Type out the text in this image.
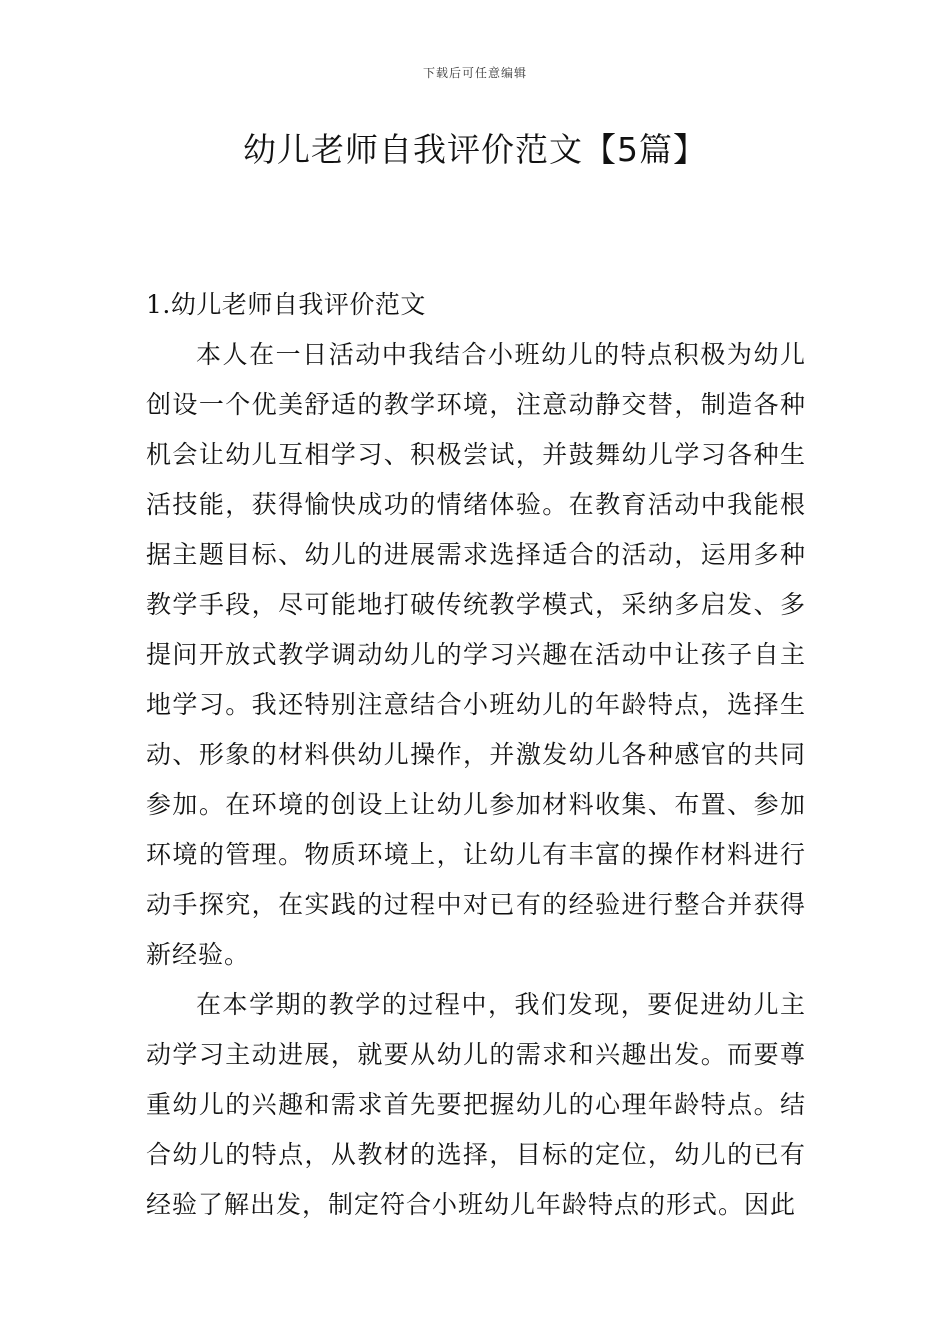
下载后可任意编辑
幼儿老师自我评价范文【5篇】
1.幼儿老师自我评价范文

本人在一日活动中我结合小班幼儿的特点积极为幼儿创设一个优美舒适的教学环境，注意动静交替，制造各种机会让幼儿互相学习、积极尝试，并鼓舞幼儿学习各种生活技能，获得愉快成功的情绪体验。在教育活动中我能根据主题目标、幼儿的进展需求选择适合的活动，运用多种教学手段，尽可能地打破传统教学模式，采纳多启发、多提问开放式教学调动幼儿的学习兴趣在活动中让孩子自主地学习。我还特别注意结合小班幼儿的年龄特点，选择生动、形象的材料供幼儿操作，并激发幼儿各种感官的共同参加。在环境的创设上让幼儿参加材料收集、布置、参加环境的管理。物质环境上，让幼儿有丰富的操作材料进行动手探究，在实践的过程中对已有的经验进行整合并获得新经验。

在本学期的教学的过程中，我们发现，要促进幼儿主动学习主动进展，就要从幼儿的需求和兴趣出发。而要尊重幼儿的兴趣和需求首先要把握幼儿的心理年龄特点。结合幼儿的特点，从教材的选择，目标的定位，幼儿的已有经验了解出发，制定符合小班幼儿年龄特点的形式。因此
